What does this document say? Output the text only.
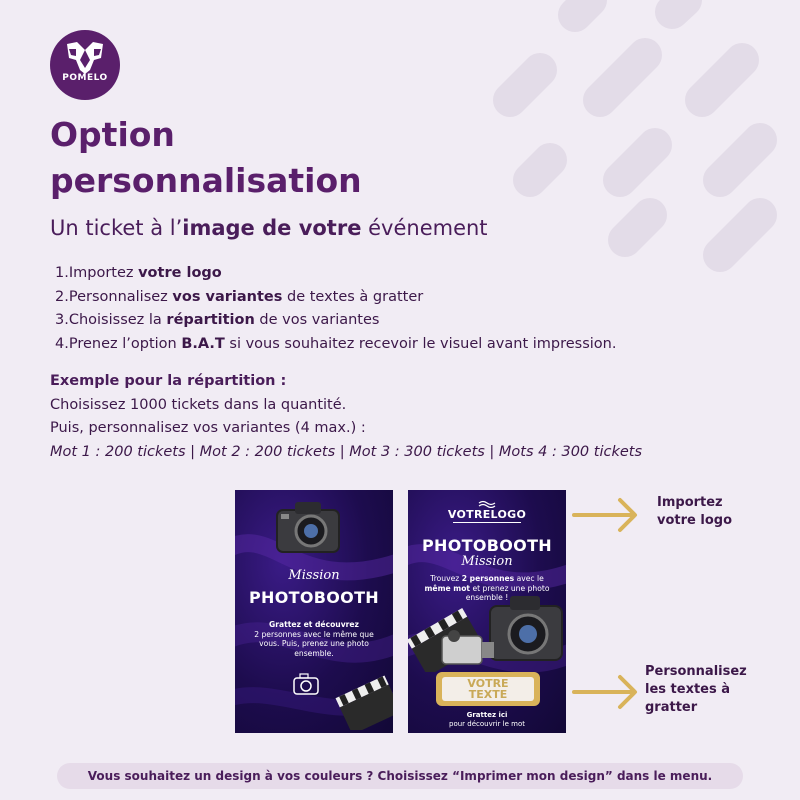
POMELO
Option
personnalisation
Un ticket à l’image de votre événement
1.Importez votre logo
2.Personnalisez vos variantes de textes à gratter
3.Choisissez la répartition de vos variantes
4.Prenez l’option B.A.T si vous souhaitez recevoir le visuel avant impression.
Exemple pour la répartition :
Choisissez 1000 tickets dans la quantité.
Puis, personnalisez vos variantes (4 max.) :
Mot 1 : 200 tickets | Mot 2 : 200 tickets | Mot 3 : 300 tickets | Mots 4 : 300 tickets
Mission
PHOTOBOOTH
Grattez et découvrez
2 personnes avec le même que vous. Puis, prenez une photo ensemble.
VOTRELOGO
PHOTOBOOTH
Mission
Trouvez 2 personnes avec le même mot et prenez une photo ensemble !
VOTRE
TEXTE
Grattez ici
pour découvrir le mot
Importez
votre logo
Personnalisez
les textes à
gratter
Vous souhaitez un design à vos couleurs ? Choisissez “Imprimer mon design” dans le menu.
